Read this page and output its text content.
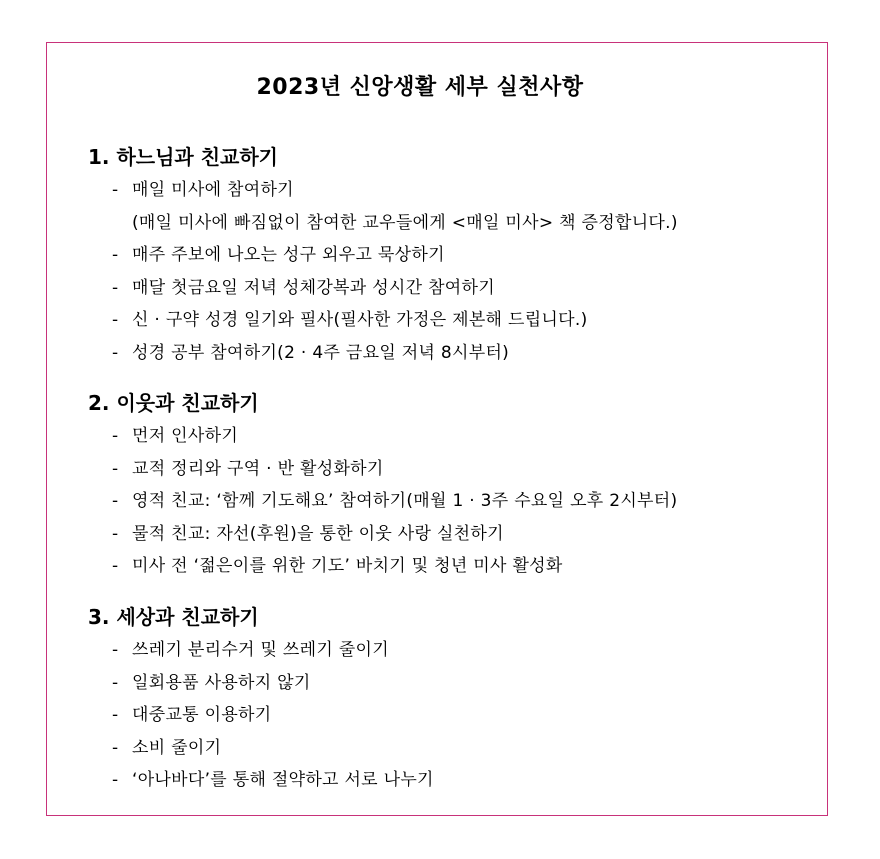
2023년 신앙생활 세부 실천사항
1. 하느님과 친교하기
- 매일 미사에 참여하기
(매일 미사에 빠짐없이 참여한 교우들에게 <매일 미사> 책 증정합니다.)
- 매주 주보에 나오는 성구 외우고 묵상하기
- 매달 첫금요일 저녁 성체강복과 성시간 참여하기
- 신 · 구약 성경 일기와 필사(필사한 가정은 제본해 드립니다.)
- 성경 공부 참여하기(2 · 4주 금요일 저녁 8시부터)
2. 이웃과 친교하기
- 먼저 인사하기
- 교적 정리와 구역 · 반 활성화하기
- 영적 친교: ‘함께 기도해요’ 참여하기(매월 1 · 3주 수요일 오후 2시부터)
- 물적 친교: 자선(후원)을 통한 이웃 사랑 실천하기
- 미사 전 ‘젊은이를 위한 기도’ 바치기 및 청년 미사 활성화
3. 세상과 친교하기
- 쓰레기 분리수거 및 쓰레기 줄이기
- 일회용품 사용하지 않기
- 대중교통 이용하기
- 소비 줄이기
- ‘아나바다’를 통해 절약하고 서로 나누기
